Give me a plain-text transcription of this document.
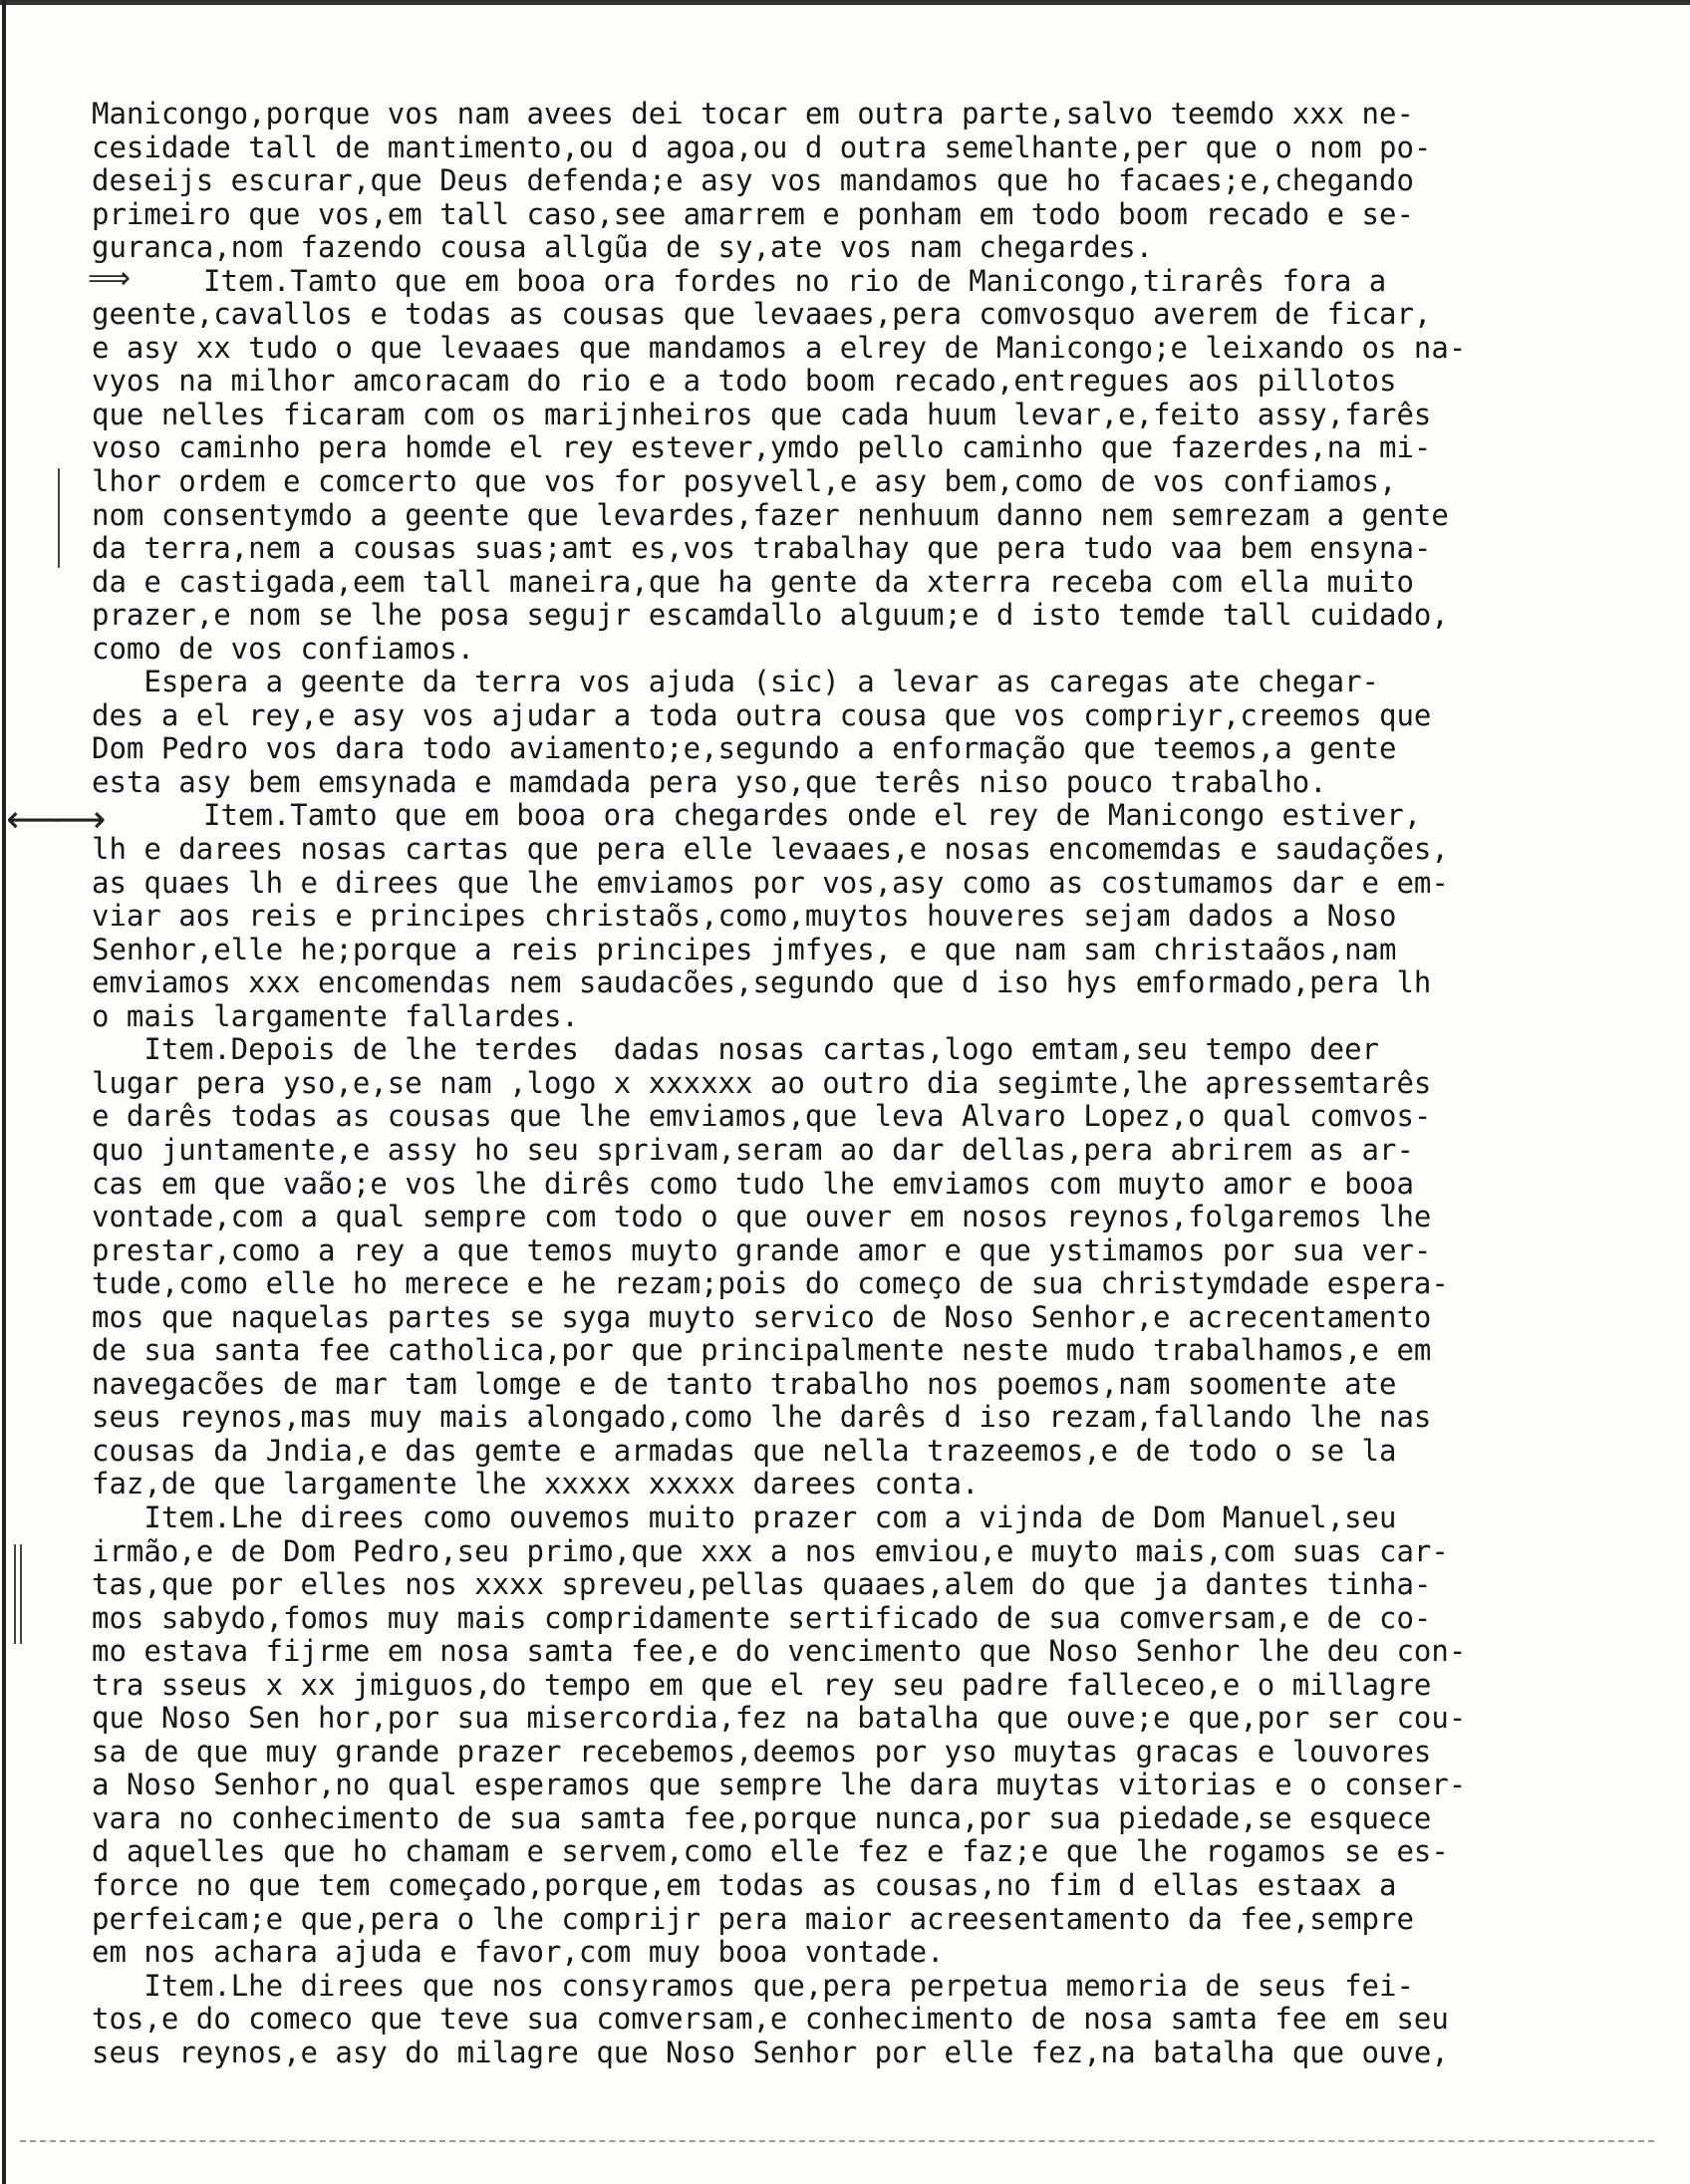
⟹
⟵
⟶
Manicongo,porque vos nam avees dei tocar em outra parte,salvo teemdo xxx ne-
cesidade tall de mantimento,ou d agoa,ou d outra semelhante,per que o nom po-
deseijs escurar,que Deus defenda;e asy vos mandamos que ho facaes;e,chegando
primeiro que vos,em tall caso,see amarrem e ponham em todo boom recado e se-
guranca,nom fazendo cousa allgũa de sy,ate vos nam chegardes.
Item.Tamto que em booa ora fordes no rio de Manicongo,tirarês fora a
geente,cavallos e todas as cousas que levaaes,pera comvosquo averem de ficar,
e asy xx tudo o que levaaes que mandamos a elrey de Manicongo;e leixando os na-
vyos na milhor amcoracam do rio e a todo boom recado,entregues aos pillotos
que nelles ficaram com os marijnheiros que cada huum levar,e,feito assy,farês
voso caminho pera homde el rey estever,ymdo pello caminho que fazerdes,na mi-
lhor ordem e comcerto que vos for posyvell,e asy bem,como de vos confiamos,
nom consentymdo a geente que levardes,fazer nenhuum danno nem semrezam a gente
da terra,nem a cousas suas;amt es,vos trabalhay que pera tudo vaa bem ensyna-
da e castigada,eem tall maneira,que ha gente da xterra receba com ella muito
prazer,e nom se lhe posa segujr escamdallo alguum;e d isto temde tall cuidado,
como de vos confiamos.
Espera a geente da terra vos ajuda (sic) a levar as caregas ate chegar-
des a el rey,e asy vos ajudar a toda outra cousa que vos compriyr,creemos que
Dom Pedro vos dara todo aviamento;e,segundo a enformação que teemos,a gente
esta asy bem emsynada e mamdada pera yso,que terês niso pouco trabalho.
Item.Tamto que em booa ora chegardes onde el rey de Manicongo estiver,
lh e darees nosas cartas que pera elle levaaes,e nosas encomemdas e saudações,
as quaes lh e direes que lhe emviamos por vos,asy como as costumamos dar e em-
viar aos reis e principes christaõs,como,muytos houveres sejam dados a Noso
Senhor,elle he;porque a reis principes jmfyes, e que nam sam christaãos,nam
emviamos xxx encomendas nem saudacões,segundo que d iso hys emformado,pera lh
o mais largamente fallardes.
Item.Depois de lhe terdes  dadas nosas cartas,logo emtam,seu tempo deer
lugar pera yso,e,se nam ,logo x xxxxxx ao outro dia segimte,lhe apressemtarês
e darês todas as cousas que lhe emviamos,que leva Alvaro Lopez,o qual comvos-
quo juntamente,e assy ho seu sprivam,seram ao dar dellas,pera abrirem as ar-
cas em que vaão;e vos lhe dirês como tudo lhe emviamos com muyto amor e booa
vontade,com a qual sempre com todo o que ouver em nosos reynos,folgaremos lhe
prestar,como a rey a que temos muyto grande amor e que ystimamos por sua ver-
tude,como elle ho merece e he rezam;pois do começo de sua christymdade espera-
mos que naquelas partes se syga muyto servico de Noso Senhor,e acrecentamento
de sua santa fee catholica,por que principalmente neste mudo trabalhamos,e em
navegacões de mar tam lomge e de tanto trabalho nos poemos,nam soomente ate
seus reynos,mas muy mais alongado,como lhe darês d iso rezam,fallando lhe nas
cousas da Jndia,e das gemte e armadas que nella trazeemos,e de todo o se la
faz,de que largamente lhe xxxxx xxxxx darees conta.
Item.Lhe direes como ouvemos muito prazer com a vijnda de Dom Manuel,seu
irmão,e de Dom Pedro,seu primo,que xxx a nos emviou,e muyto mais,com suas car-
tas,que por elles nos xxxx spreveu,pellas quaaes,alem do que ja dantes tinha-
mos sabydo,fomos muy mais compridamente sertificado de sua comversam,e de co-
mo estava fijrme em nosa samta fee,e do vencimento que Noso Senhor lhe deu con-
tra sseus x xx jmiguos,do tempo em que el rey seu padre falleceo,e o millagre
que Noso Sen hor,por sua misercordia,fez na batalha que ouve;e que,por ser cou-
sa de que muy grande prazer recebemos,deemos por yso muytas gracas e louvores
a Noso Senhor,no qual esperamos que sempre lhe dara muytas vitorias e o conser-
vara no conhecimento de sua samta fee,porque nunca,por sua piedade,se esquece
d aquelles que ho chamam e servem,como elle fez e faz;e que lhe rogamos se es-
force no que tem começado,porque,em todas as cousas,no fim d ellas estaax a
perfeicam;e que,pera o lhe comprijr pera maior acreesentamento da fee,sempre
em nos achara ajuda e favor,com muy booa vontade.
Item.Lhe direes que nos consyramos que,pera perpetua memoria de seus fei-
tos,e do comeco que teve sua comversam,e conhecimento de nosa samta fee em seu
seus reynos,e asy do milagre que Noso Senhor por elle fez,na batalha que ouve,
